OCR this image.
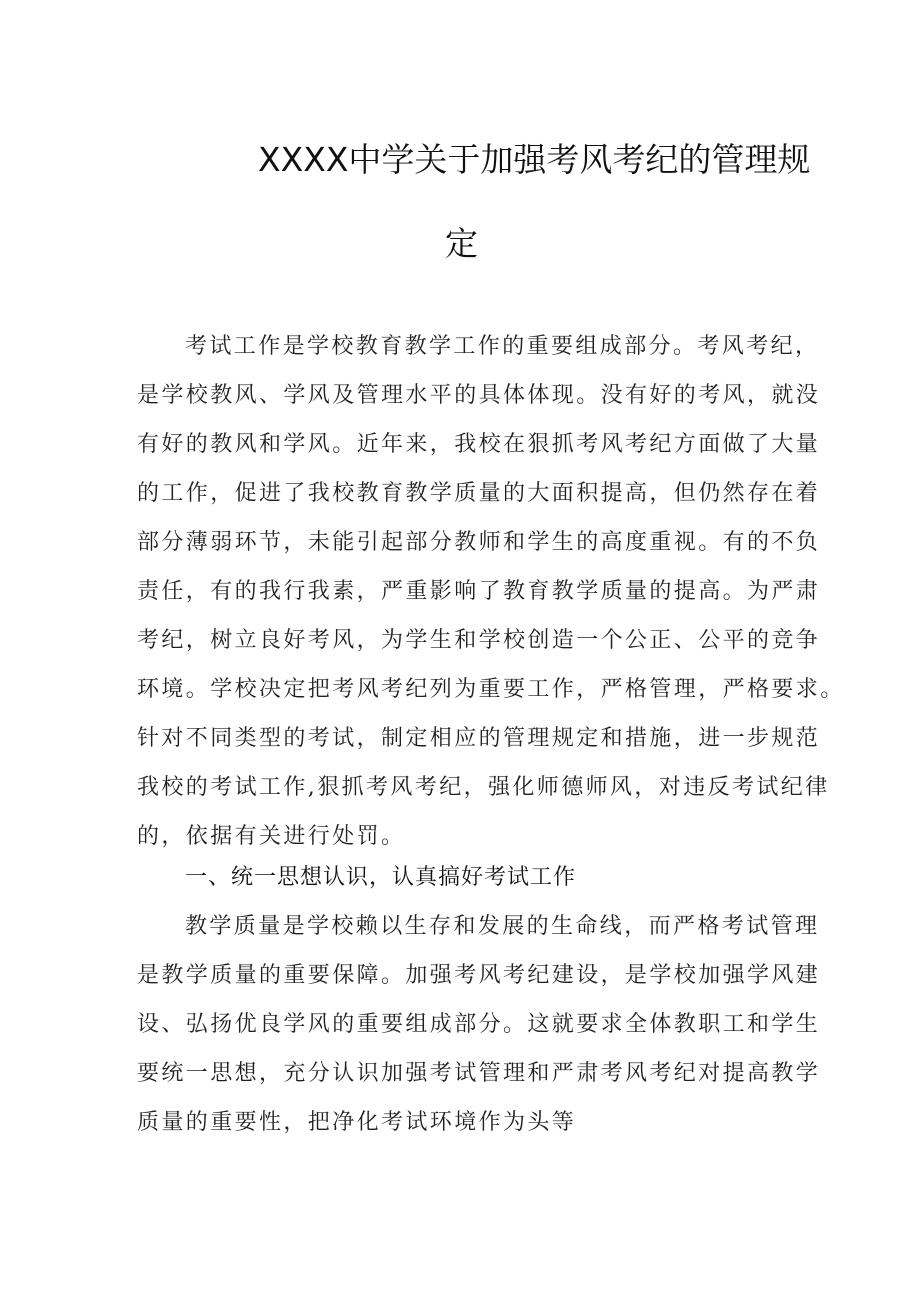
XXXX中学关于加强考风考纪的管理规
定
考试工作是学校教育教学工作的重要组成部分。考风考纪，
是学校教风、学风及管理水平的具体体现。没有好的考风，就没
有好的教风和学风。近年来，我校在狠抓考风考纪方面做了大量
的工作，促进了我校教育教学质量的大面积提高，但仍然存在着
部分薄弱环节，未能引起部分教师和学生的高度重视。有的不负
责任，有的我行我素，严重影响了教育教学质量的提高。为严肃
考纪，树立良好考风，为学生和学校创造一个公正、公平的竞争
环境。学校决定把考风考纪列为重要工作，严格管理，严格要求。
针对不同类型的考试，制定相应的管理规定和措施，进一步规范
我校的考试工作,狠抓考风考纪，强化师德师风，对违反考试纪律
的，依据有关进行处罚。
一、统一思想认识，认真搞好考试工作
教学质量是学校赖以生存和发展的生命线，而严格考试管理
是教学质量的重要保障。加强考风考纪建设，是学校加强学风建
设、弘扬优良学风的重要组成部分。这就要求全体教职工和学生
要统一思想，充分认识加强考试管理和严肃考风考纪对提高教学
质量的重要性，把净化考试环境作为头等
